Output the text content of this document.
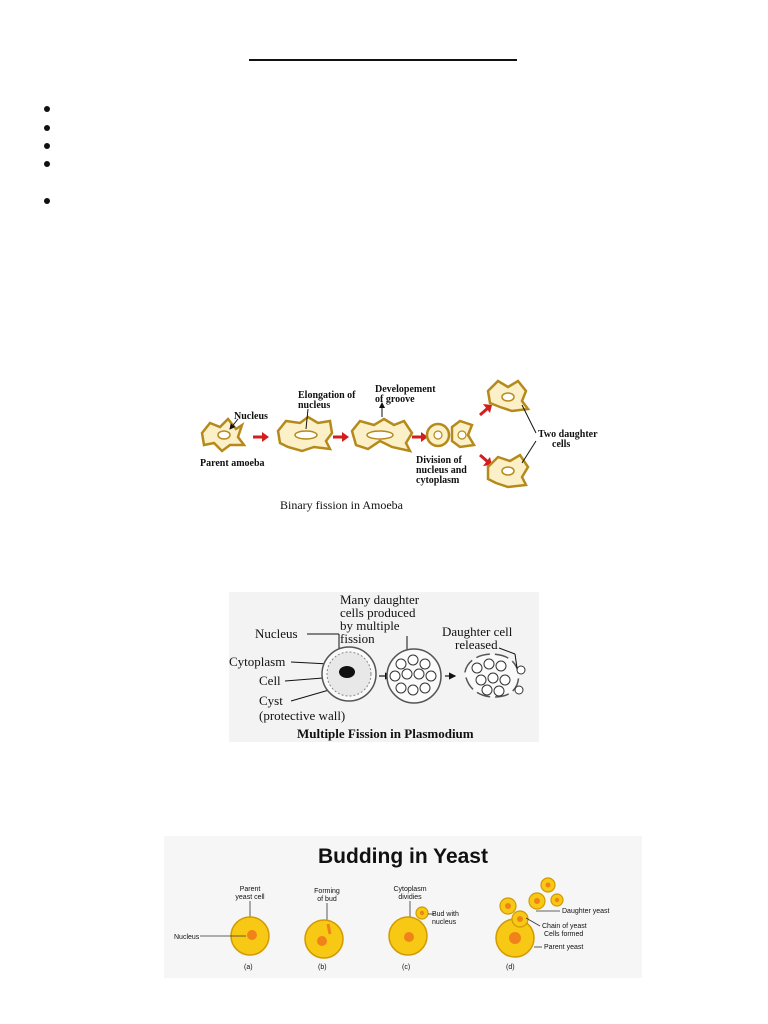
Nucleus
Parent amoeba
Elongation of
nucleus
Developement
of groove
Division of
nucleus and
cytoplasm
Two daughter
cells
Binary fission in Amoeba
Many daughter
cells produced
by multiple
fission
Nucleus
Cytoplasm
Cell
Cyst
(protective wall)
Daughter cell
released
Multiple Fission in Plasmodium
Budding in Yeast
Parent
yeast cell
Nucleus
(a)
Forming
of bud
(b)
Cytoplasm
dividies
Bud with
nucleus
(c)
Daughter yeast
Chain of yeast
Cells formed
Parent yeast
(d)
